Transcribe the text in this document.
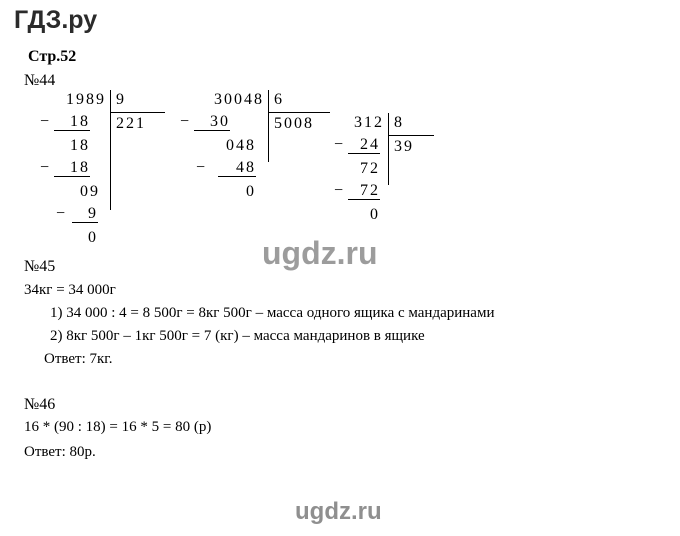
ГДЗ.ру
Стр.52
№44
1989 9
221
−	18
18
−	18
09
−	9
0
30048 6
5008
−	30
048
−	48
0
312 8
39
−	24
72
−	72
0
ugdz.ru
№45
34кг = 34 000г
1) 34 000 : 4 = 8 500г = 8кг 500г – масса одного ящика с мандаринами
2) 8кг 500г – 1кг 500г = 7 (кг) – масса мандаринов в ящике
Ответ: 7кг.
№46
16 * (90 : 18) = 16 * 5 = 80 (р)
Ответ: 80р.
ugdz.ru
